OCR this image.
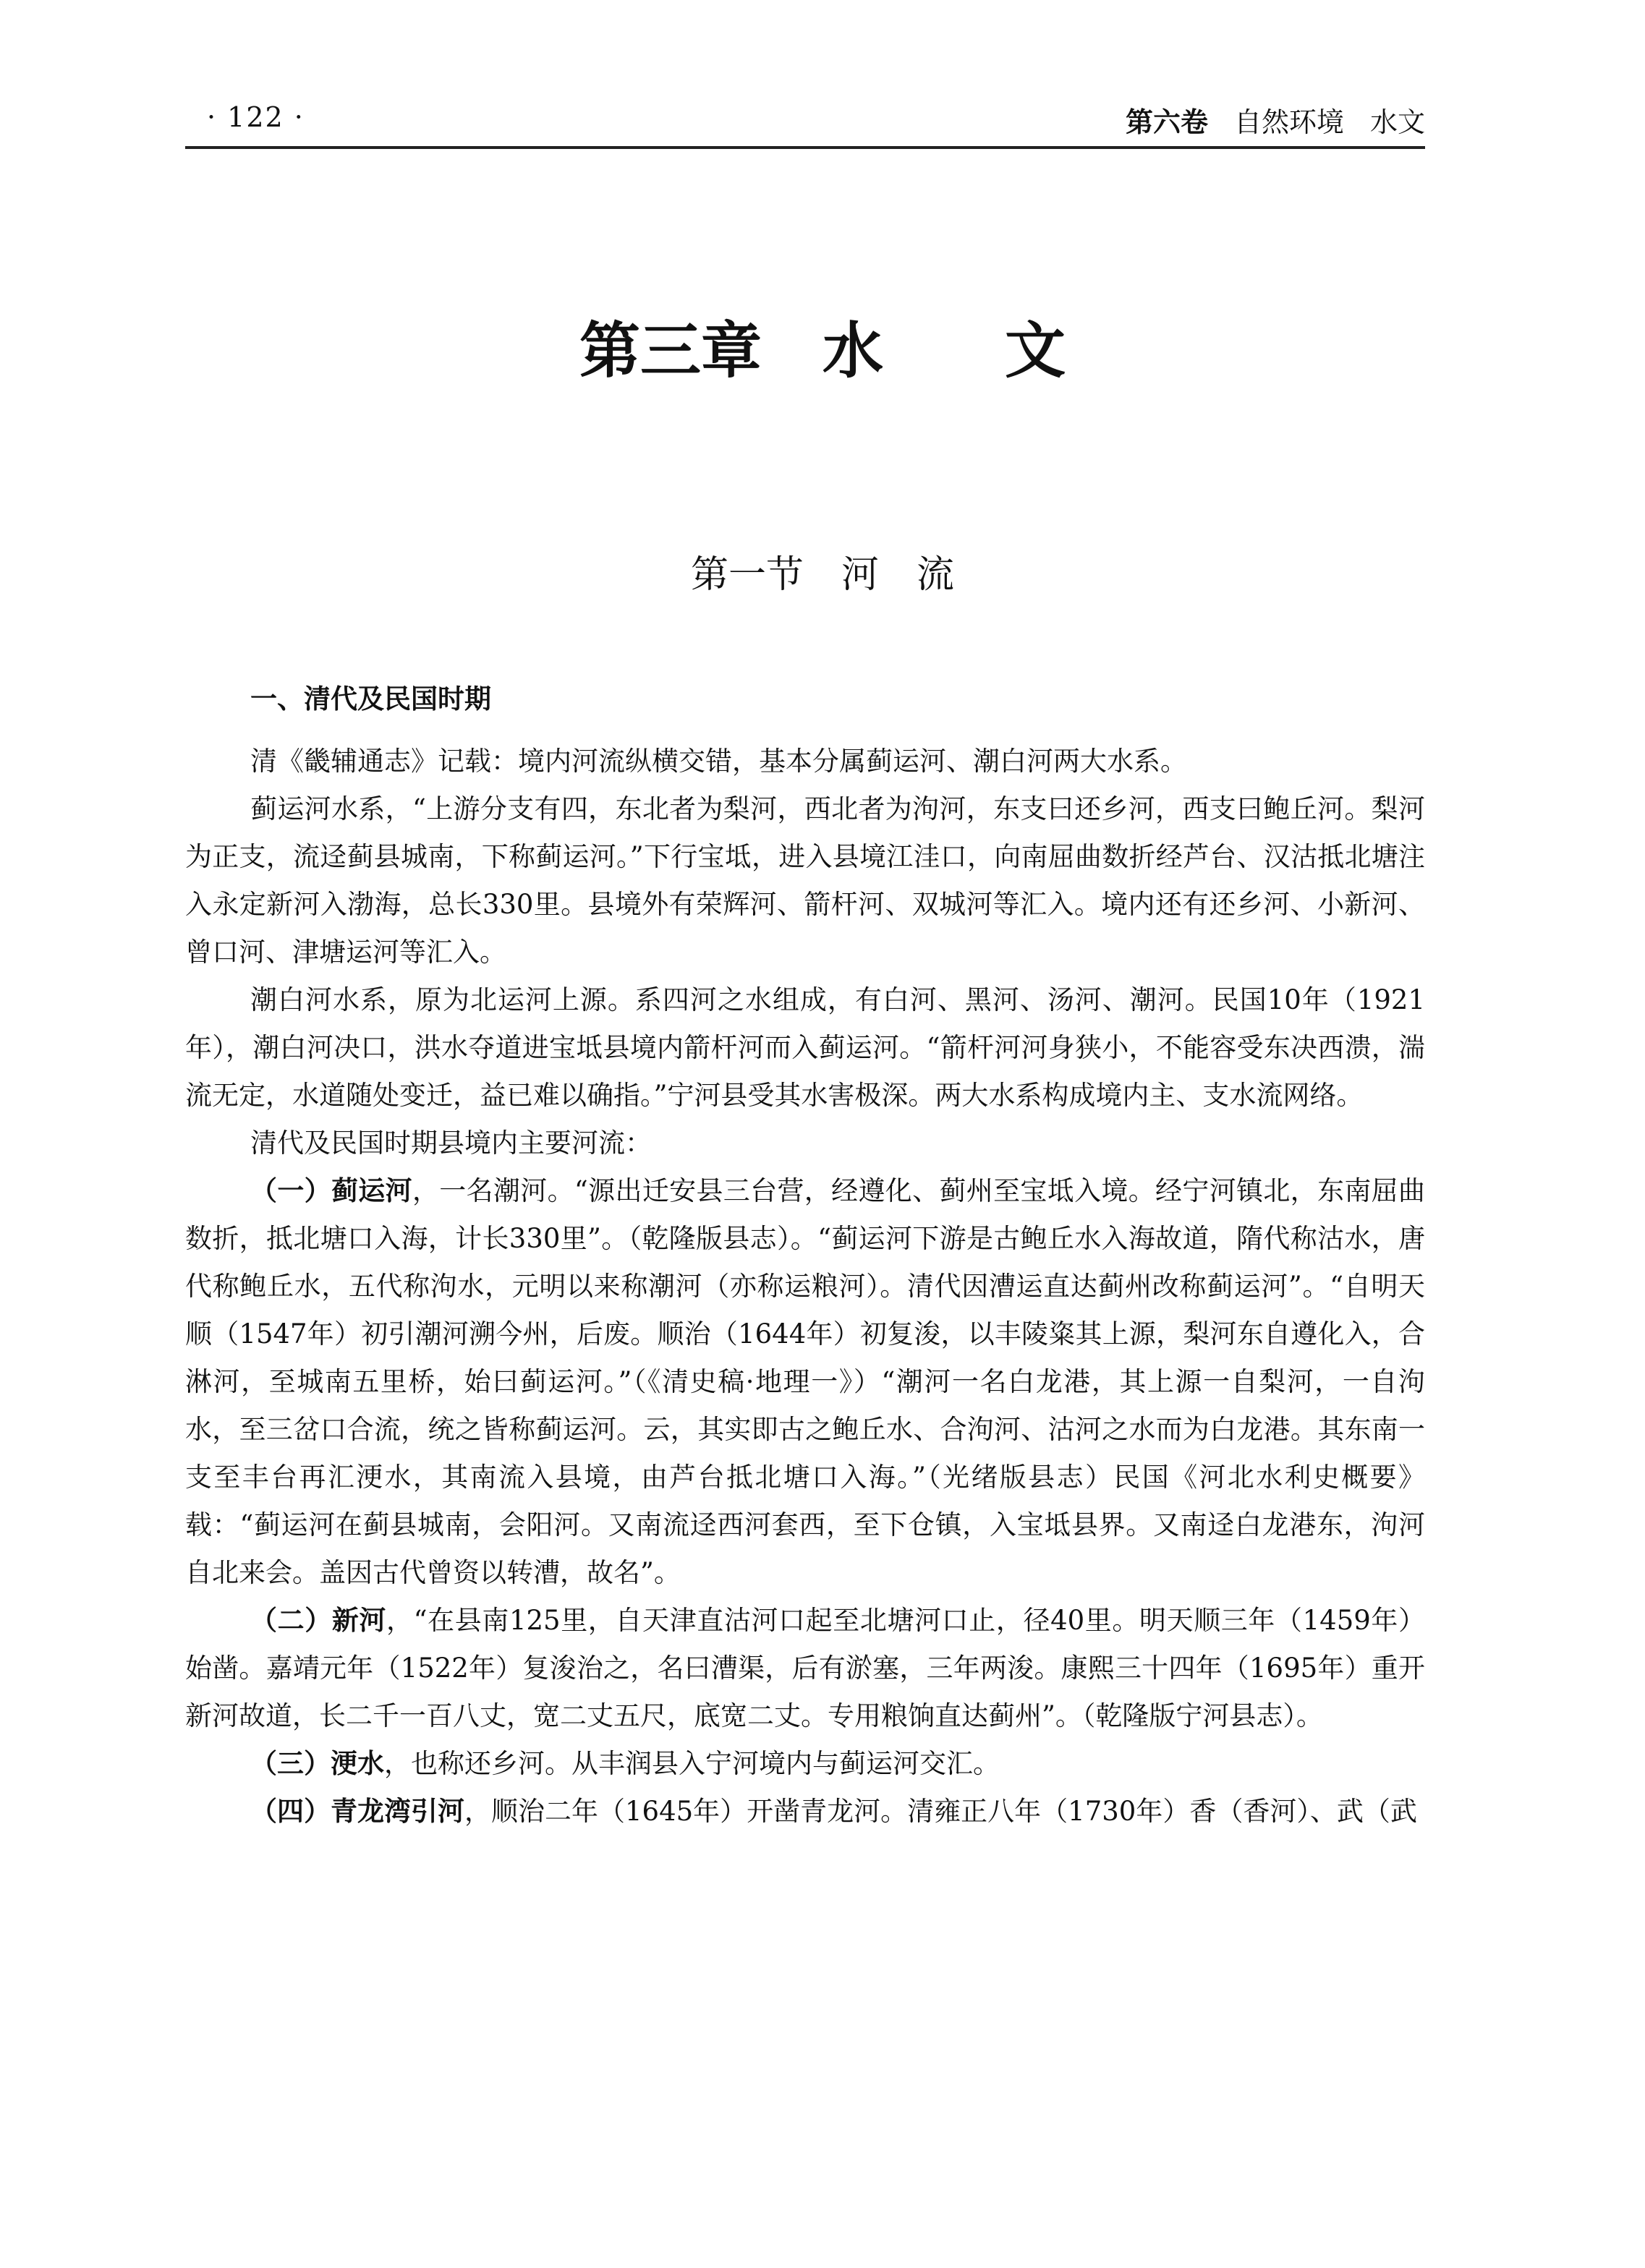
· 122 ·	第六卷 自然环境 水文
第三章　水　　文
第一节　河　流
一、清代及民国时期

清《畿辅通志》记载：境内河流纵横交错，基本分属蓟运河、潮白河两大水系。

蓟运河水系，“上游分支有四，东北者为梨河，西北者为泃河，东支曰还乡河，西支曰鲍丘河。梨河为正支，流迳蓟县城南，下称蓟运河。”下行宝坻，进入县境江洼口，向南屈曲数折经芦台、汉沽抵北塘注入永定新河入渤海，总长330里。县境外有荣辉河、箭杆河、双城河等汇入。境内还有还乡河、小新河、曾口河、津塘运河等汇入。

潮白河水系，原为北运河上源。系四河之水组成，有白河、黑河、汤河、潮河。民国10年（1921年），潮白河决口，洪水夺道进宝坻县境内箭杆河而入蓟运河。“箭杆河河身狭小，不能容受东决西溃，湍流无定，水道随处变迁，益已难以确指。”宁河县受其水害极深。两大水系构成境内主、支水流网络。

清代及民国时期县境内主要河流：

（一）蓟运河，一名潮河。“源出迁安县三台营，经遵化、蓟州至宝坻入境。经宁河镇北，东南屈曲数折，抵北塘口入海，计长330里”。（乾隆版县志）。“蓟运河下游是古鲍丘水入海故道，隋代称沽水，唐代称鲍丘水，五代称泃水，元明以来称潮河（亦称运粮河）。清代因漕运直达蓟州改称蓟运河”。“自明天顺（1547年）初引潮河溯今州，后废。顺治（1644年）初复浚，以丰陵粢其上源，梨河东自遵化入，合淋河，至城南五里桥，始曰蓟运河。”（《清史稿·地理一》）“潮河一名白龙港，其上源一自梨河，一自泃水，至三岔口合流，统之皆称蓟运河。云，其实即古之鲍丘水、合泃河、沽河之水而为白龙港。其东南一支至丰台再汇浭水，其南流入县境，由芦台抵北塘口入海。”（光绪版县志）民国《河北水利史概要》载：“蓟运河在蓟县城南，会阳河。又南流迳西河套西，至下仓镇，入宝坻县界。又南迳白龙港东，泃河自北来会。盖因古代曾资以转漕，故名”。

（二）新河，“在县南125里，自天津直沽河口起至北塘河口止，径40里。明天顺三年（1459年）始凿。嘉靖元年（1522年）复浚治之，名曰漕渠，后有淤塞，三年两浚。康熙三十四年（1695年）重开新河故道，长二千一百八丈，宽二丈五尺，底宽二丈。专用粮饷直达蓟州”。（乾隆版宁河县志）。

（三）浭水，也称还乡河。从丰润县入宁河境内与蓟运河交汇。

（四）青龙湾引河，顺治二年（1645年）开凿青龙河。清雍正八年（1730年）香（香河）、武（武
